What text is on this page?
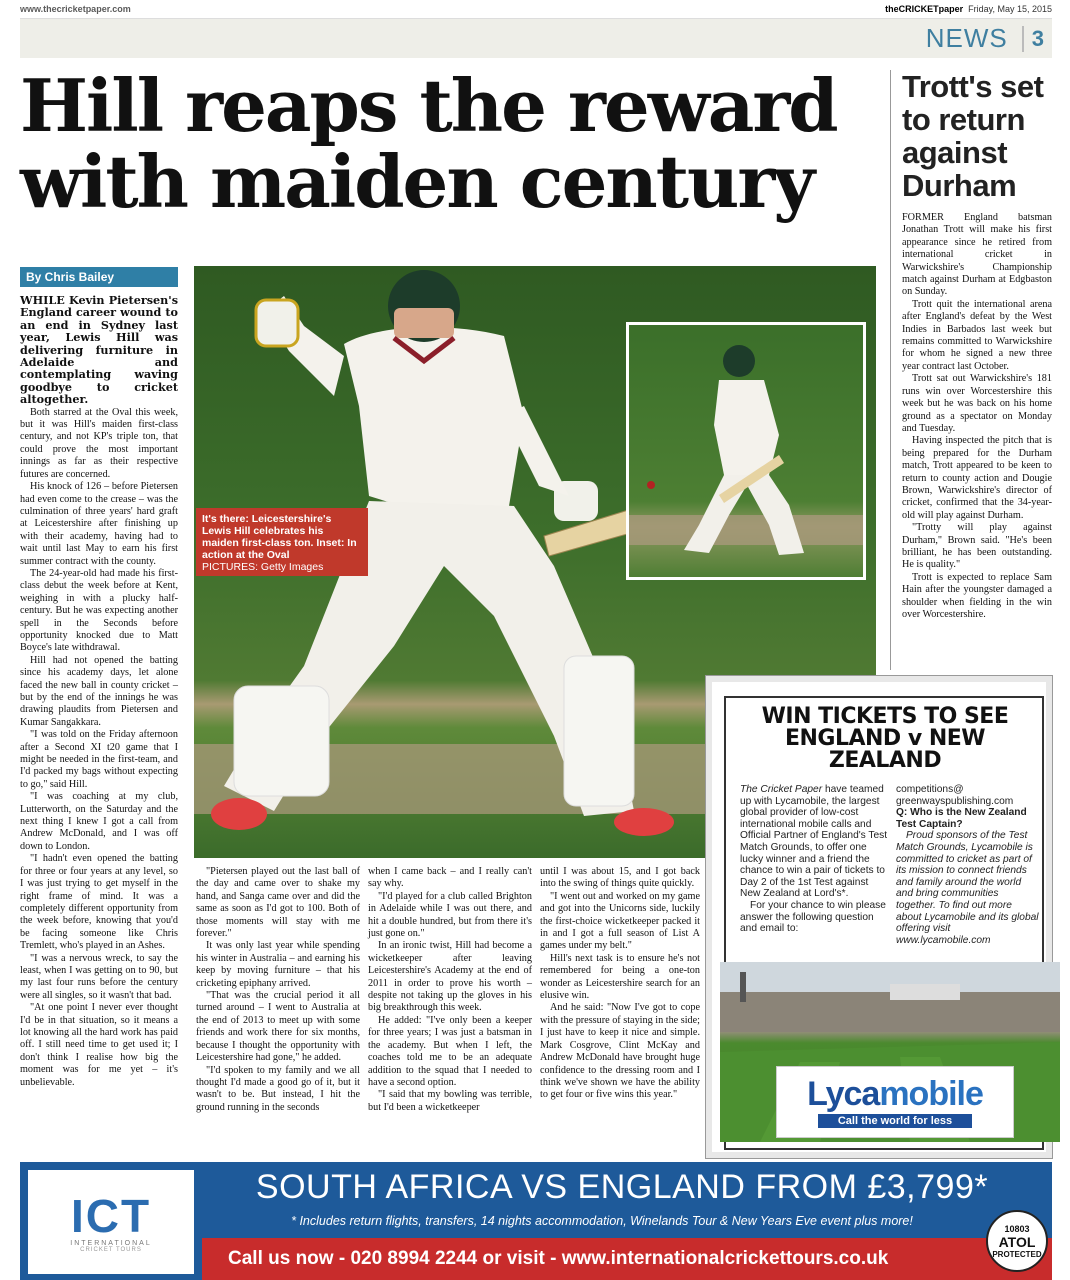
www.thecricketpaper.com	theCRICKETpaper Friday, May 15, 2015
NEWS	3
Hill reaps the reward with maiden century
By Chris Bailey

WHILE Kevin Pietersen's England career wound to an end in Sydney last year, Lewis Hill was delivering furniture in Adelaide and contemplating waving goodbye to cricket altogether.

Both starred at the Oval this week, but it was Hill's maiden first-class century, and not KP's triple ton, that could prove the most important innings as far as their respective futures are concerned.

His knock of 126 – before Pietersen had even come to the crease – was the culmination of three years' hard graft at Leicestershire after finishing up with their academy, having had to wait until last May to earn his first summer contract with the county.

The 24-year-old had made his first-class debut the week before at Kent, weighing in with a plucky half-century. But he was expecting another spell in the Seconds before opportunity knocked due to Matt Boyce's late withdrawal.

Hill had not opened the batting since his academy days, let alone faced the new ball in county cricket – but by the end of the innings he was drawing plaudits from Pietersen and Kumar Sangakkara.

"I was told on the Friday afternoon after a Second XI t20 game that I might be needed in the first-team, and I'd packed my bags without expecting to go," said Hill.

"I was coaching at my club, Lutterworth, on the Saturday and the next thing I knew I got a call from Andrew McDonald, and I was off down to London.

"I hadn't even opened the batting for three or four years at any level, so I was just trying to get myself in the right frame of mind. It was a completely different opportunity from the week before, knowing that you'd be facing someone like Chris Tremlett, who's played in an Ashes.

"I was a nervous wreck, to say the least, when I was getting on to 90, but my last four runs before the century were all singles, so it wasn't that bad.

"At one point I never ever thought I'd be in that situation, so it means a lot knowing all the hard work has paid off. I still need time to get used it; I don't think I realise how big the moment was for me yet – it's unbelievable.

It's there: Leicestershire's Lewis Hill celebrates his maiden first-class ton. Inset: In action at the Oval
PICTURES: Getty Images

"Pietersen played out the last ball of the day and came over to shake my hand, and Sanga came over and did the same as soon as I'd got to 100. Both of those moments will stay with me forever."

It was only last year while spending his winter in Australia – and earning his keep by moving furniture – that his cricketing epiphany arrived.

"That was the crucial period it all turned around – I went to Australia at the end of 2013 to meet up with some friends and work there for six months, because I thought the opportunity with Leicestershire had gone," he added.

"I'd spoken to my family and we all thought I'd made a good go of it, but it wasn't to be. But instead, I hit the ground running in the seconds

when I came back – and I really can't say why.

"I'd played for a club called Brighton in Adelaide while I was out there, and hit a double hundred, but from there it's just gone on."

In an ironic twist, Hill had become a wicketkeeper after leaving Leicestershire's Academy at the end of 2011 in order to prove his worth – despite not taking up the gloves in his big breakthrough this week.

He added: "I've only been a keeper for three years; I was just a batsman in the academy. But when I left, the coaches told me to be an adequate addition to the squad that I needed to have a second option.

"I said that my bowling was terrible, but I'd been a wicketkeeper

until I was about 15, and I got back into the swing of things quite quickly.

"I went out and worked on my game and got into the Unicorns side, luckily the first-choice wicketkeeper packed it in and I got a full season of List A games under my belt."

Hill's next task is to ensure he's not remembered for being a one-ton wonder as Leicestershire search for an elusive win.

And he said: "Now I've got to cope with the pressure of staying in the side; I just have to keep it nice and simple. Mark Cosgrove, Clint McKay and Andrew McDonald have brought huge confidence to the dressing room and I think we've shown we have the ability to get four or five wins this year."

Trott's set to return against Durham

FORMER England batsman Jonathan Trott will make his first appearance since he retired from international cricket in Warwickshire's Championship match against Durham at Edgbaston on Sunday.

Trott quit the international arena after England's defeat by the West Indies in Barbados last week but remains committed to Warwickshire for whom he signed a new three year contract last October.

Trott sat out Warwickshire's 181 runs win over Worcestershire this week but he was back on his home ground as a spectator on Monday and Tuesday.

Having inspected the pitch that is being prepared for the Durham match, Trott appeared to be keen to return to county action and Dougie Brown, Warwickshire's director of cricket, confirmed that the 34-year-old will play against Durham.

"Trotty will play against Durham," Brown said. "He's been brilliant, he has been outstanding. He is quality."

Trott is expected to replace Sam Hain after the youngster damaged a shoulder when fielding in the win over Worcestershire.

WIN TICKETS TO SEE ENGLAND v NEW ZEALAND
The Cricket Paper have teamed up with Lycamobile, the largest global provider of low-cost international mobile calls and Official Partner of England's Test Match Grounds, to offer one lucky winner and a friend the chance to win a pair of tickets to Day 2 of the 1st Test against New Zealand at Lord's*.
For your chance to win please answer the following question and email to:
competitions@
greenwayspublishing.com
Q: Who is the New Zealand Test Captain?
Proud sponsors of the Test Match Grounds, Lycamobile is committed to cricket as part of its mission to connect friends and family around the world and bring communities together. To find out more about Lycamobile and its global offering visit www.lycamobile.com
Lycamobile
Call the world for less
ICT
INTERNATIONAL
CRICKET TOURS
SOUTH AFRICA VS ENGLAND FROM £3,799*
* Includes return flights, transfers, 14 nights accommodation, Winelands Tour & New Years Eve event plus more!
Call us now - 020 8994 2244 or visit - www.internationalcrickettours.co.uk
10803
ATOL
PROTECTED
